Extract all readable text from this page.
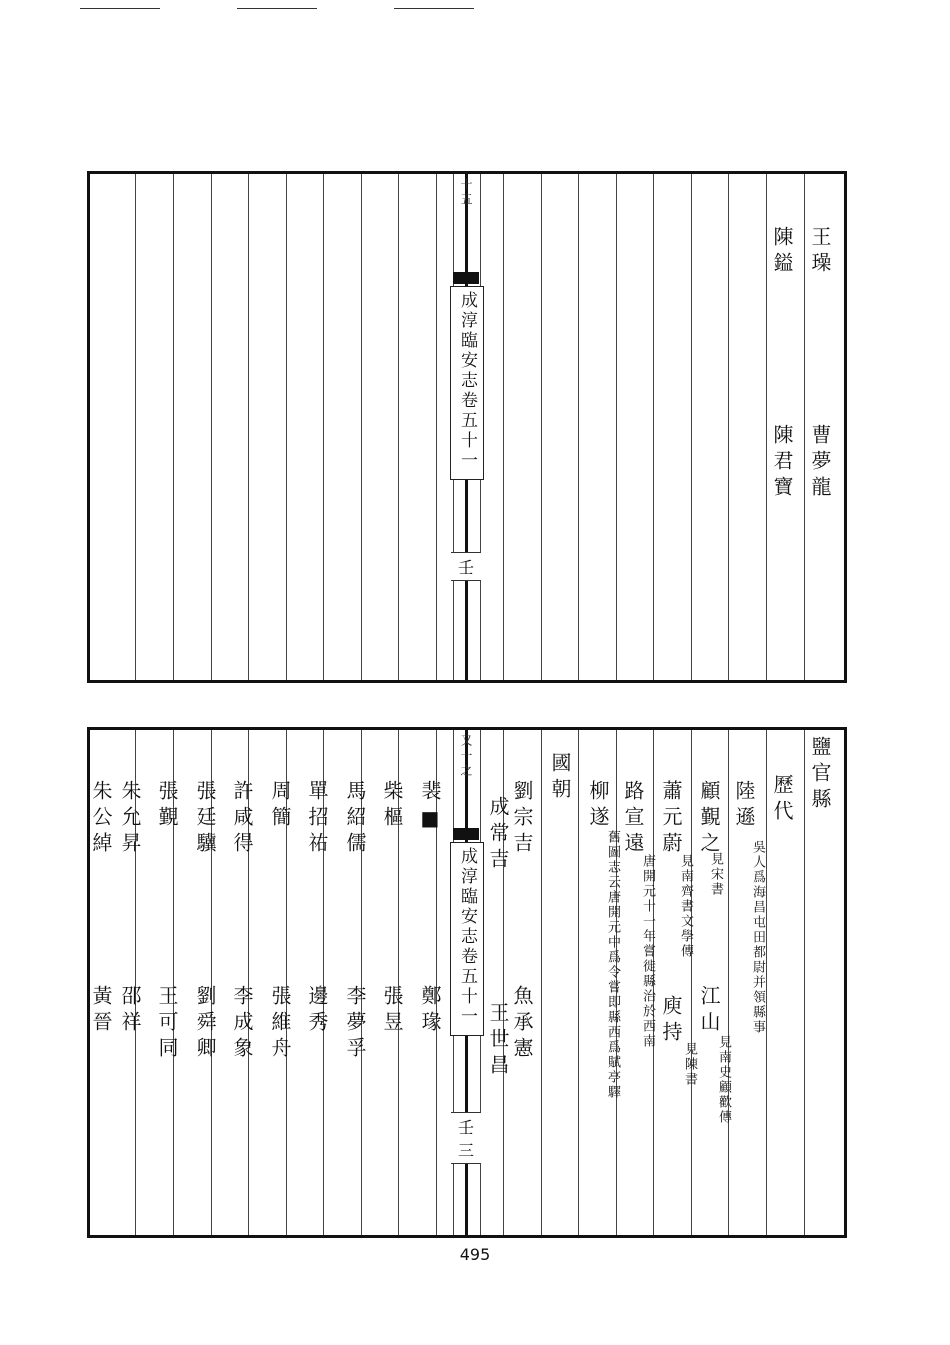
十五
成淳臨安志卷五十一
壬
王璪
曹夢龍
陳鎰
陳君寶
又一之
成淳臨安志卷五十一
壬三
鹽官縣
歷代
陸遜
吳人爲海昌屯田都尉并領縣事
顧覲之
見宋書
江山
見南史顧歡傳
蕭元蔚
見南齊書文學傳
庾持
見陳書
路宣遠
唐開元十一年嘗徙縣治於西南
柳遂
舊圖志云唐開元中爲令嘗即縣西爲賦亭驛
國朝
劉宗吉
魚承憲
成常吉
王世昌
裴■
鄭瑑
柴樞
張昱
馬紹儒
李夢孚
單招祐
邊秀
周簡
張維舟
許咸得
李成象
張廷驥
劉舜卿
張覲
王可同
朱允昇
邵祥
朱公綽
黃晉
495
